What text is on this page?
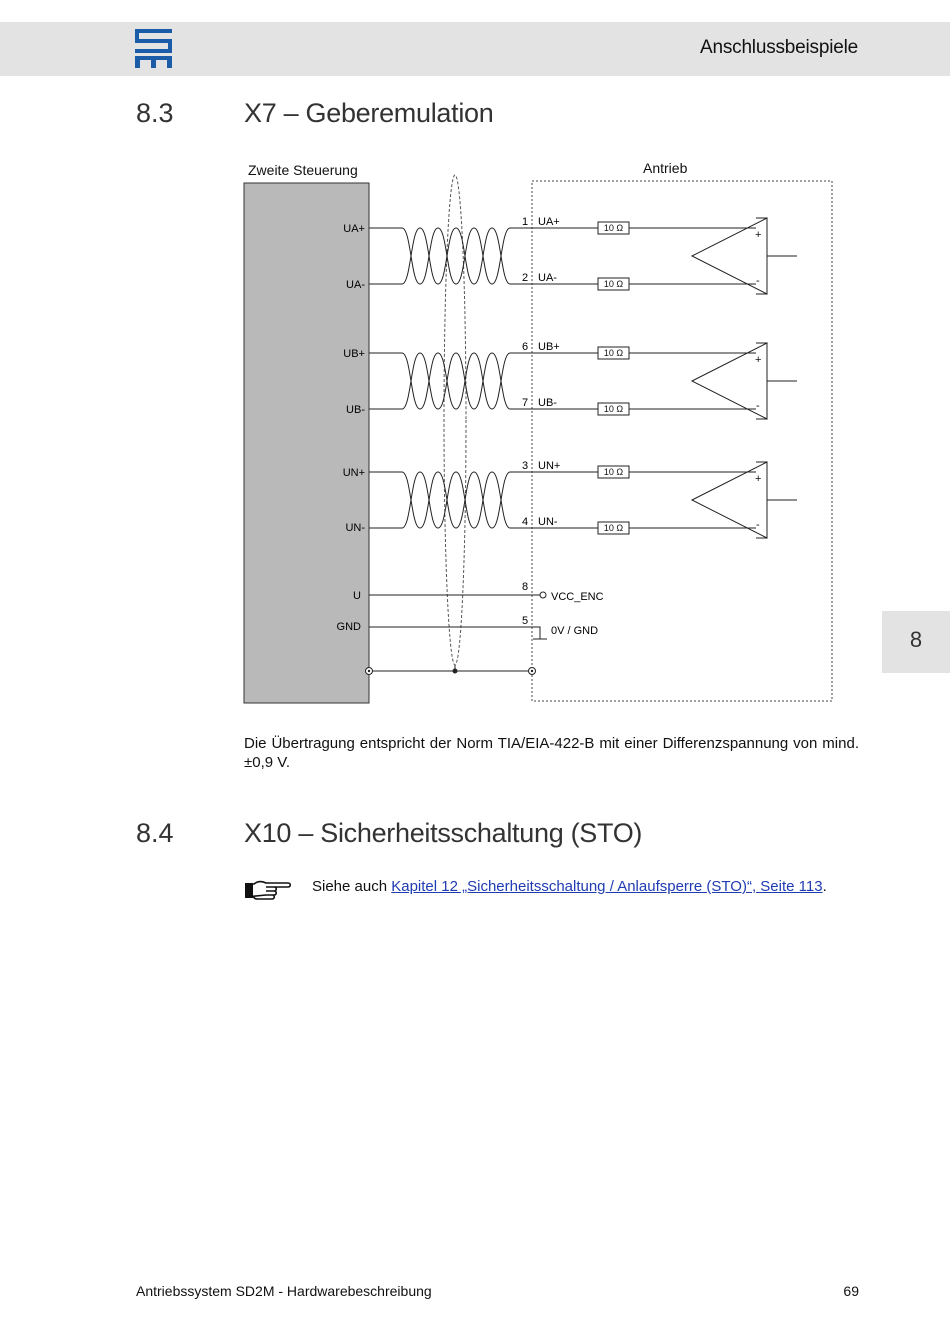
Anschlussbeispiele
8.3	X7 – Geberemulation
8
Zweite Steuerung	Antrieb
UA+
UA-
UB+
UB-
UN+
UN-
U
GND
1
2
6
7
3
4
8
5
UA+
UA-
UB+
UB-
UN+
UN-
10 Ω
10 Ω
10 Ω
10 Ω
10 Ω
10 Ω
+
-
+
-
+
-
VCC_ENC
0V / GND
Die Übertragung entspricht der Norm TIA/EIA-422-B mit einer Differenzspannung von mind. ±0,9 V.
8.4	X10 – Sicherheitsschaltung (STO)
Siehe auch Kapitel 12 „Sicherheitsschaltung / Anlaufsperre (STO)“, Seite 113.
Antriebssystem SD2M - Hardwarebeschreibung	69
